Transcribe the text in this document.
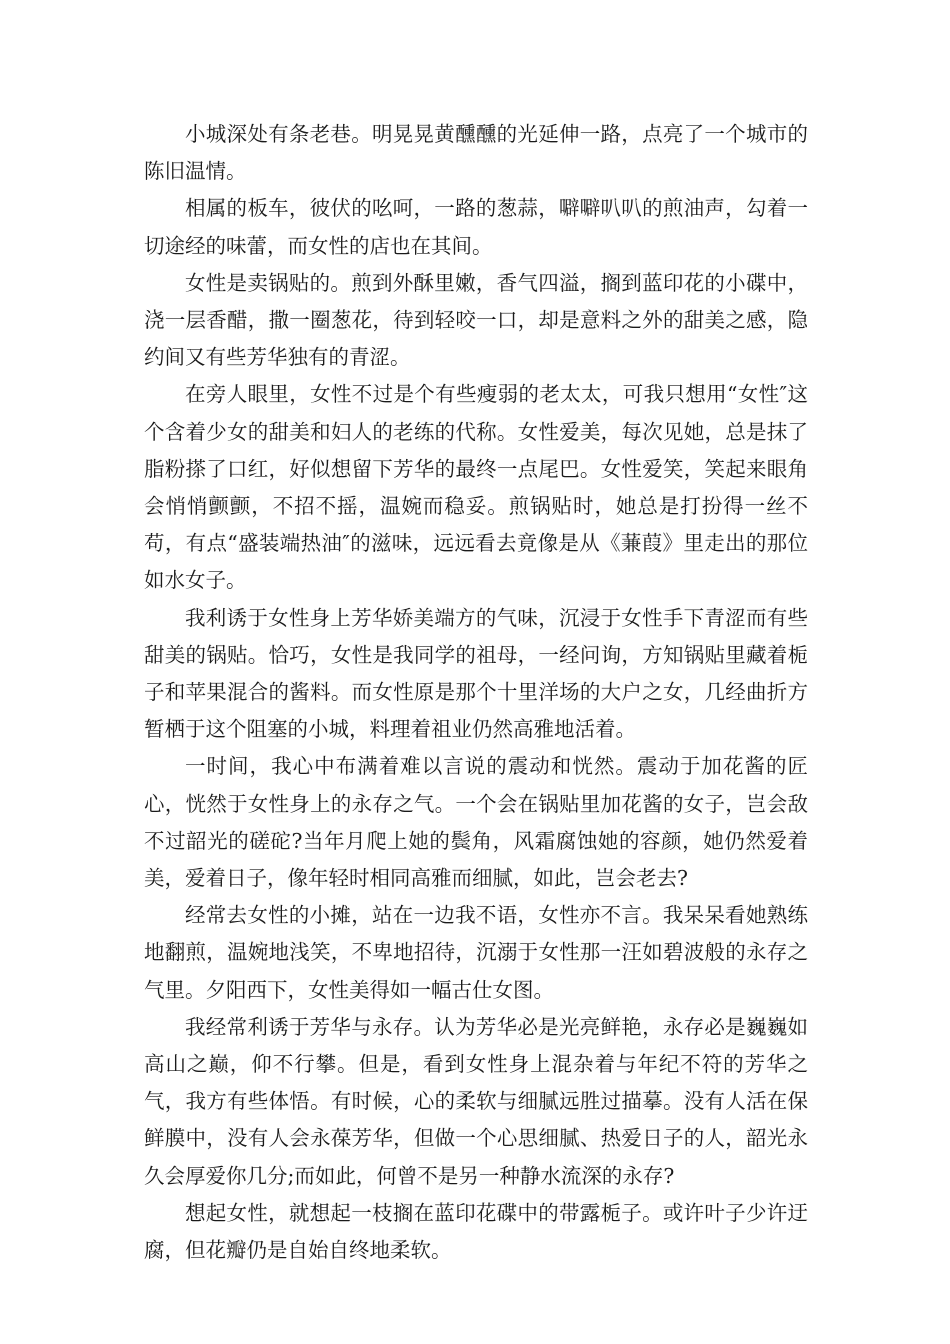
小城深处有条老巷。明晃晃黄醺醺的光延伸一路，点亮了一个城市的陈旧温情。

相属的板车，彼伏的吆呵，一路的葱蒜，噼噼叭叭的煎油声，勾着一切途经的味蕾，而女性的店也在其间。

女性是卖锅贴的。煎到外酥里嫩，香气四溢，搁到蓝印花的小碟中，浇一层香醋，撒一圈葱花，待到轻咬一口，却是意料之外的甜美之感，隐约间又有些芳华独有的青涩。

在旁人眼里，女性不过是个有些瘦弱的老太太，可我只想用“女性″这个含着少女的甜美和妇人的老练的代称。女性爱美，每次见她，总是抹了脂粉搽了口红，好似想留下芳华的最终一点尾巴。女性爱笑，笑起来眼角会悄悄颤颤，不招不摇，温婉而稳妥。煎锅贴时，她总是打扮得一丝不苟，有点“盛装端热油″的滋味，远远看去竟像是从《蒹葭》里走出的那位如水女子。

我利诱于女性身上芳华娇美端方的气味，沉浸于女性手下青涩而有些甜美的锅贴。恰巧，女性是我同学的祖母，一经问询，方知锅贴里藏着栀子和苹果混合的酱料。而女性原是那个十里洋场的大户之女，几经曲折方暂栖于这个阻塞的小城，料理着祖业仍然高雅地活着。

一时间，我心中布满着难以言说的震动和恍然。震动于加花酱的匠心，恍然于女性身上的永存之气。一个会在锅贴里加花酱的女子，岂会敌不过韶光的磋砣?当年月爬上她的鬓角，风霜腐蚀她的容颜，她仍然爱着美，爱着日子，像年轻时相同高雅而细腻，如此，岂会老去?

经常去女性的小摊，站在一边我不语，女性亦不言。我呆呆看她熟练地翻煎，温婉地浅笑，不卑地招待，沉溺于女性那一汪如碧波般的永存之气里。夕阳西下，女性美得如一幅古仕女图。

我经常利诱于芳华与永存。认为芳华必是光亮鲜艳，永存必是巍巍如高山之巅，仰不行攀。但是，看到女性身上混杂着与年纪不符的芳华之气，我方有些体悟。有时候，心的柔软与细腻远胜过描摹。没有人活在保鲜膜中，没有人会永葆芳华，但做一个心思细腻、热爱日子的人，韶光永久会厚爱你几分;而如此，何曾不是另一种静水流深的永存?

想起女性，就想起一枝搁在蓝印花碟中的带露栀子。或许叶子少许迂腐，但花瓣仍是自始自终地柔软。
